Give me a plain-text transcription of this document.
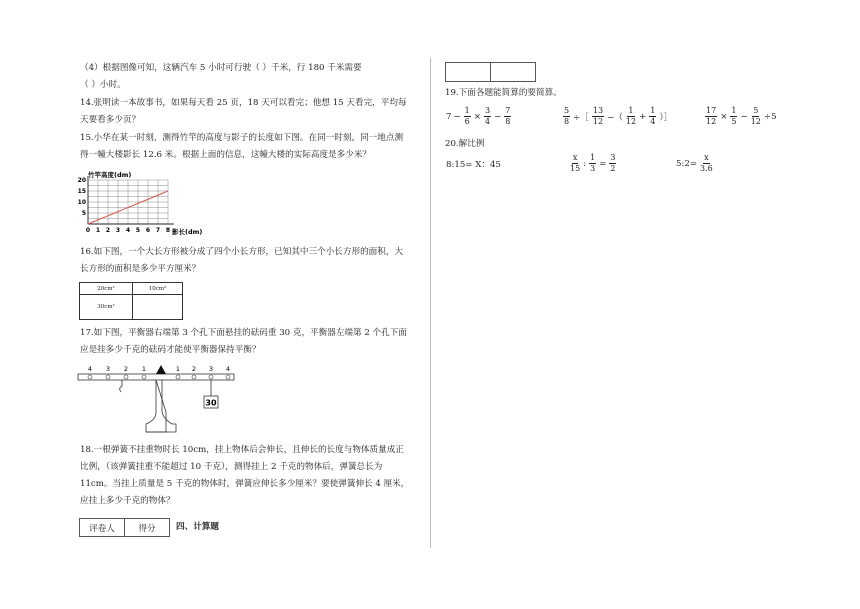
（4）根据图像可知，这辆汽车 5 小时可行驶（ ）千米，行 180 千米需要
（ ）小时。
14.张明读一本故事书，如果每天看 25 页，18 天可以看完；他想 15 天看完，平均每
天要看多少页？
15.小华在某一时刻，测得竹竿的高度与影子的长度如下图。在同一时刻，同一地点测
得一幢大楼影长 12.6 米。根据上面的信息，这幢大楼的实际高度是多少米？
0 1 2 3 4 5 6 7 8
5
10
15
20
竹竿高度(dm)
影长(dm)
16.如下图，一个大长方形被分成了四个小长方形，已知其中三个小长方形的面积，大
长方形的面积是多少平方厘米？
20cm²	10cm²
30cm²	
17.如下图，平衡器右端第 3 个孔下面悬挂的砝码重 30 克，平衡器左端第 2 个孔下面
应是挂多少千克的砝码才能使平衡器保持平衡？
4 3 2 1	1 2 3 4
30
18.一根弹簧不挂重物时长 10cm，挂上物体后会伸长，且伸长的长度与物体质量成正
比例，（该弹簧挂重不能超过 10 千克），测得挂上 2 千克的物体后，弹簧总长为
11cm。当挂上质量是 5 千克的物体时，弹簧应伸长多少厘米？要使弹簧伸长 4 厘米，
应挂上多少千克的物体？
评卷人	得分 四、计算题

19.下面各题能简算的要简算。
$7 - \frac{1}{6} \times \frac{3}{4} - \frac{7}{8}$	$\frac{5}{8}$ ÷［ $\frac{13}{12}$ −（ $\frac{1}{12} + \frac{1}{4}$ ）］	$\frac{17}{12} \times \frac{1}{5} - \frac{5}{12} \div 5$
20.解比例
8:15= X：45	$\frac{x}{15}$ : $\frac{1}{3} = \frac{3}{2}$	5:2= $\frac{x}{3.6}$
